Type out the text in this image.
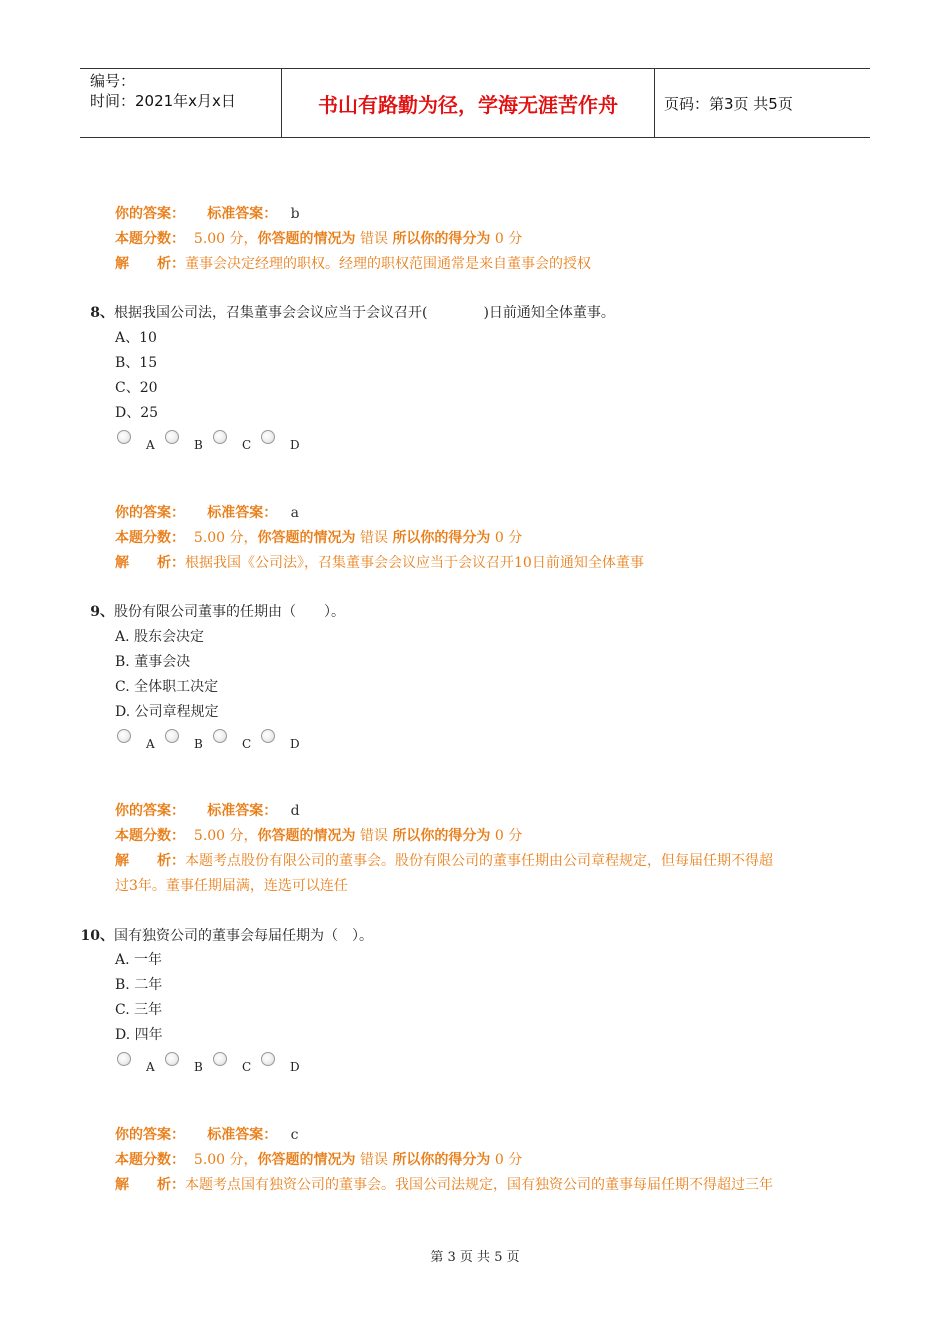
编号：
时间：2021年x月x日	书山有路勤为径，学海无涯苦作舟	页码：第3页 共5页
你的答案： 标准答案： b
本题分数： 5.00 分，你答题的情况为 错误 所以你的得分为 0 分
解　　析：董事会决定经理的职权。经理的职权范围通常是来自董事会的授权
8、根据我国公司法，召集董事会会议应当于会议召开(　　　　)日前通知全体董事。
A、10
B、15
C、20
D、25
A	B	C	D
你的答案： 标准答案： a
本题分数： 5.00 分，你答题的情况为 错误 所以你的得分为 0 分
解　　析：根据我国《公司法》，召集董事会会议应当于会议召开10日前通知全体董事
9、股份有限公司董事的任期由（　　）。
A. 股东会决定
B. 董事会决
C. 全体职工决定
D. 公司章程规定
A	B	C	D
你的答案： 标准答案： d
本题分数： 5.00 分，你答题的情况为 错误 所以你的得分为 0 分
解　　析：本题考点股份有限公司的董事会。股份有限公司的董事任期由公司章程规定，但每届任期不得超
过3年。董事任期届满，连选可以连任
10、国有独资公司的董事会每届任期为（　）。
A. 一年
B. 二年
C. 三年
D. 四年
A	B	C	D
你的答案： 标准答案： c
本题分数： 5.00 分，你答题的情况为 错误 所以你的得分为 0 分
解　　析：本题考点国有独资公司的董事会。我国公司法规定，国有独资公司的董事每届任期不得超过三年
第 3 页 共 5 页
